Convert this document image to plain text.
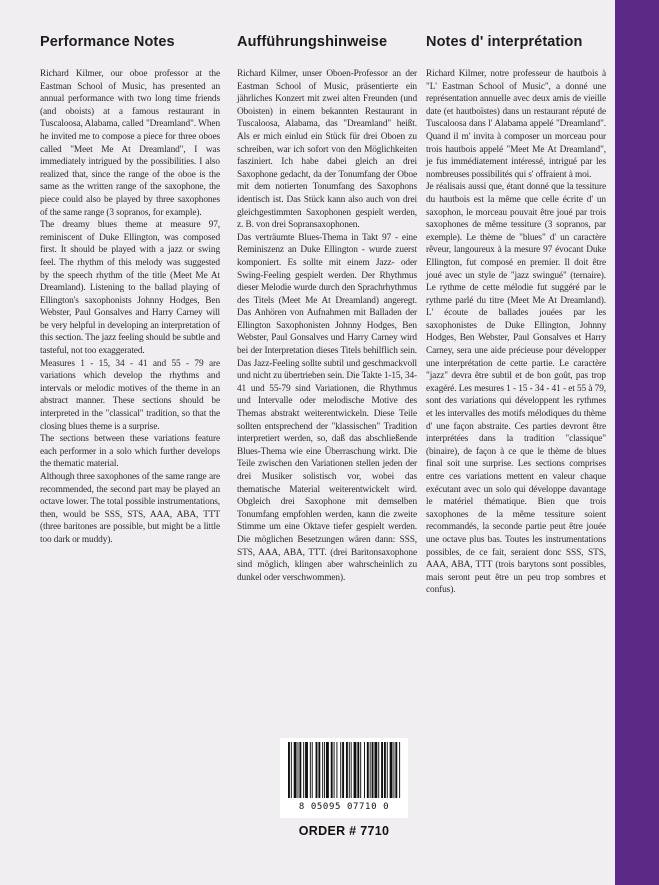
Performance Notes

Richard Kilmer, our oboe professor at the Eastman School of Music, has presented an annual performance with two long time friends (and oboists) at a famous restaurant in Tuscaloosa, Alabama, called "Dreamland". When he invited me to compose a piece for three oboes called "Meet Me At Dreamland", I was immediately intrigued by the possibilities. I also realized that, since the range of the oboe is the same as the written range of the saxophone, the piece could also be played by three saxophones of the same range (3 sopranos, for example).
The dreamy blues theme at measure 97, reminiscent of Duke Ellington, was composed first. It should be played with a jazz or swing feel. The rhythm of this melody was suggested by the speech rhythm of the title (Meet Me At Dreamland). Listening to the ballad playing of Ellington's saxophonists Johnny Hodges, Ben Webster, Paul Gonsalves and Harry Carney will be very helpful in developing an interpretation of this section. The jazz feeling should be subtle and tasteful, not too exaggerated.
Measures 1 - 15, 34 - 41 and 55 - 79 are variations which develop the rhythms and intervals or melodic motives of the theme in an abstract manner. These sections should be interpreted in the "classical" tradition, so that the closing blues theme is a surprise.
The sections between these variations feature each performer in a solo which further develops the thematic material.
Although three saxophones of the same range are recommended, the second part may be played an octave lower. The total possible instrumentations, then, would be SSS, STS, AAA, ABA, TTT (three baritones are possible, but might be a little too dark or muddy).

Aufführungshinweise

Richard Kilmer, unser Oboen-Professor an der Eastman School of Music, präsentierte ein jährliches Konzert mit zwei alten Freunden (und Oboisten) in einem bekannten Restaurant in Tuscaloosa, Alabama, das "Dreamland" heißt. Als er mich einlud ein Stück für drei Oboen zu schreiben, war ich sofort von den Möglichkeiten fasziniert. Ich habe dabei gleich an drei Saxophone gedacht, da der Tonumfang der Oboe mit dem notierten Tonumfang des Saxophons identisch ist. Das Stück kann also auch von drei gleichgestimmten Saxophonen gespielt werden, z. B. von drei Sopransaxophonen.
Das verträumte Blues-Thema in Takt 97 - eine Reminiszenz an Duke Ellington - wurde zuerst komponiert. Es sollte mit einem Jazz- oder Swing-Feeling gespielt werden. Der Rhythmus dieser Melodie wurde durch den Sprachrhythmus des Titels (Meet Me At Dreamland) angeregt. Das Anhören von Aufnahmen mit Balladen der Ellington Saxophonisten Johnny Hodges, Ben Webster, Paul Gonsalves und Harry Carney wird bei der Interpretation dieses Titels behilflich sein. Das Jazz-Feeling sollte subtil und geschmackvoll und nicht zu übertrieben sein. Die Takte 1-15, 34-41 und 55-79 sind Variationen, die Rhythmus und Intervalle oder melodische Motive des Themas abstrakt weiterentwickeln. Diese Teile sollten entsprechend der "klassischen" Tradition interpretiert werden, so, daß das abschließende Blues-Thema wie eine Überraschung wirkt. Die Teile zwischen den Variationen stellen jeden der drei Musiker solistisch vor, wobei das thematische Material weiterentwickelt wird. Obgleich drei Saxophone mit demselben Tonumfang empfohlen werden, kann die zweite Stimme um eine Oktave tiefer gespielt werden. Die möglichen Besetzungen wären dann: SSS, STS, AAA, ABA, TTT. (drei Baritonsaxophone sind möglich, klingen aber wahrscheinlich zu dunkel oder verschwommen).

Notes d' interprétation

Richard Kilmer, notre professeur de hautbois à "L' Eastman School of Music", a donné une représentation annuelle avec deux amis de vieille date (et hautboïstes) dans un restaurant réputé de Tuscaloosa dans l' Alabama appelé "Dreamland". Quand il m' invita à composer un morceau pour trois hautbois appelé "Meet Me At Dreamland", je fus immédiatement intéressé, intrigué par les nombreuses possibilités qui s' offraient à moi.
Je réalisais aussi que, étant donné que la tessiture du hautbois est la même que celle écrite d' un saxophon, le morceau pouvait être joué par trois saxophones de même tessiture (3 sopranos, par exemple). Le thème de "blues" d' un caractère rêveur, langoureux à la mesure 97 évocant Duke Ellington, fut composé en premier. Il doit être joué avec un style de "jazz swingué" (ternaire). Le rythme de cette mélodie fut suggéré par le rythme parlé du titre (Meet Me At Dreamland). L' écoute de ballades jouées par les saxophonistes de Duke Ellington, Johnny Hodges, Ben Webster, Paul Gonsalves et Harry Carney, sera une aide précieuse pour développer une interprétation de cette partie. Le caractère "jazz" devra être subtil et de bon goût, pas trop exagéré. Les mesures 1 - 15 - 34 - 41 - et 55 à 79, sont des variations qui développent les rythmes et les intervalles des motifs mélodiques du thème d' une façon abstraite. Ces parties devront être interprétées dans la tradition "classique" (binaire), de façon à ce que le thème de blues final soit une surprise. Les sections comprises entre ces variations mettent en valeur chaque exécutant avec un solo qui développe davantage le matériel thématique. Bien que trois saxophones de la même tessiture soient recommandés, la seconde partie peut être jouée une octave plus bas. Toutes les instrumentations possibles, de ce fait, seraient donc SSS, STS, AAA, ABA, TTT (trois barytons sont possibles, mais seront peut être un peu trop sombres et confus).

8 05095 07710 0
ORDER # 7710
